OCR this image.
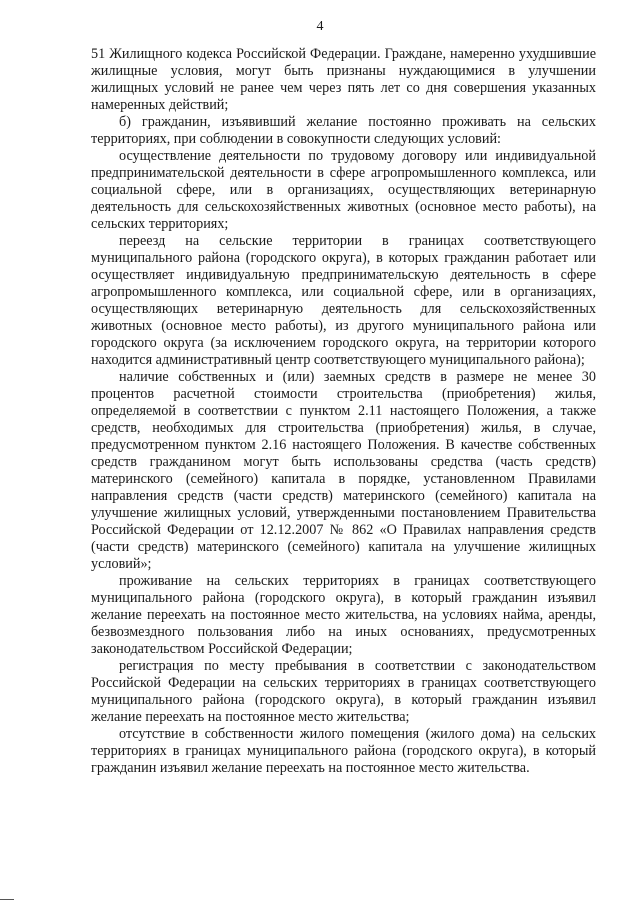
4

51 Жилищного кодекса Российской Федерации. Граждане, намеренно ухудшившие жилищные условия, могут быть признаны нуждающимися в улучшении жилищных условий не ранее чем через пять лет со дня совершения указанных намеренных действий;

б) гражданин, изъявивший желание постоянно проживать на сельских территориях, при соблюдении в совокупности следующих условий:

осуществление деятельности по трудовому договору или индивидуальной предпринимательской деятельности в сфере агропромышленного комплекса, или социальной сфере, или в организациях, осуществляющих ветеринарную деятельность для сельскохозяйственных животных (основное место работы), на сельских территориях;

переезд на сельские территории в границах соответствующего муниципального района (городского округа), в которых гражданин работает или осуществляет индивидуальную предпринимательскую деятельность в сфере агропромышленного комплекса, или социальной сфере, или в организациях, осуществляющих ветеринарную деятельность для сельскохозяйственных животных (основное место работы), из другого муниципального района или городского округа (за исключением городского округа, на территории которого находится административный центр соответствующего муниципального района);

наличие собственных и (или) заемных средств в размере не менее 30 процентов расчетной стоимости строительства (приобретения) жилья, определяемой в соответствии с пунктом 2.11 настоящего Положения, а также средств, необходимых для строительства (приобретения) жилья, в случае, предусмотренном пунктом 2.16 настоящего Положения. В качестве собственных средств гражданином могут быть использованы средства (часть средств) материнского (семейного) капитала в порядке, установленном Правилами направления средств (части средств) материнского (семейного) капитала на улучшение жилищных условий, утвержденными постановлением Правительства Российской Федерации от 12.12.2007 № 862 «О Правилах направления средств (части средств) материнского (семейного) капитала на улучшение жилищных условий»;

проживание на сельских территориях в границах соответствующего муниципального района (городского округа), в который гражданин изъявил желание переехать на постоянное место жительства, на условиях найма, аренды, безвозмездного пользования либо на иных основаниях, предусмотренных законодательством Российской Федерации;

регистрация по месту пребывания в соответствии с законодательством Российской Федерации на сельских территориях в границах соответствующего муниципального района (городского округа), в который гражданин изъявил желание переехать на постоянное место жительства;

отсутствие в собственности жилого помещения (жилого дома) на сельских территориях в границах муниципального района (городского округа), в который гражданин изъявил желание переехать на постоянное место жительства.
